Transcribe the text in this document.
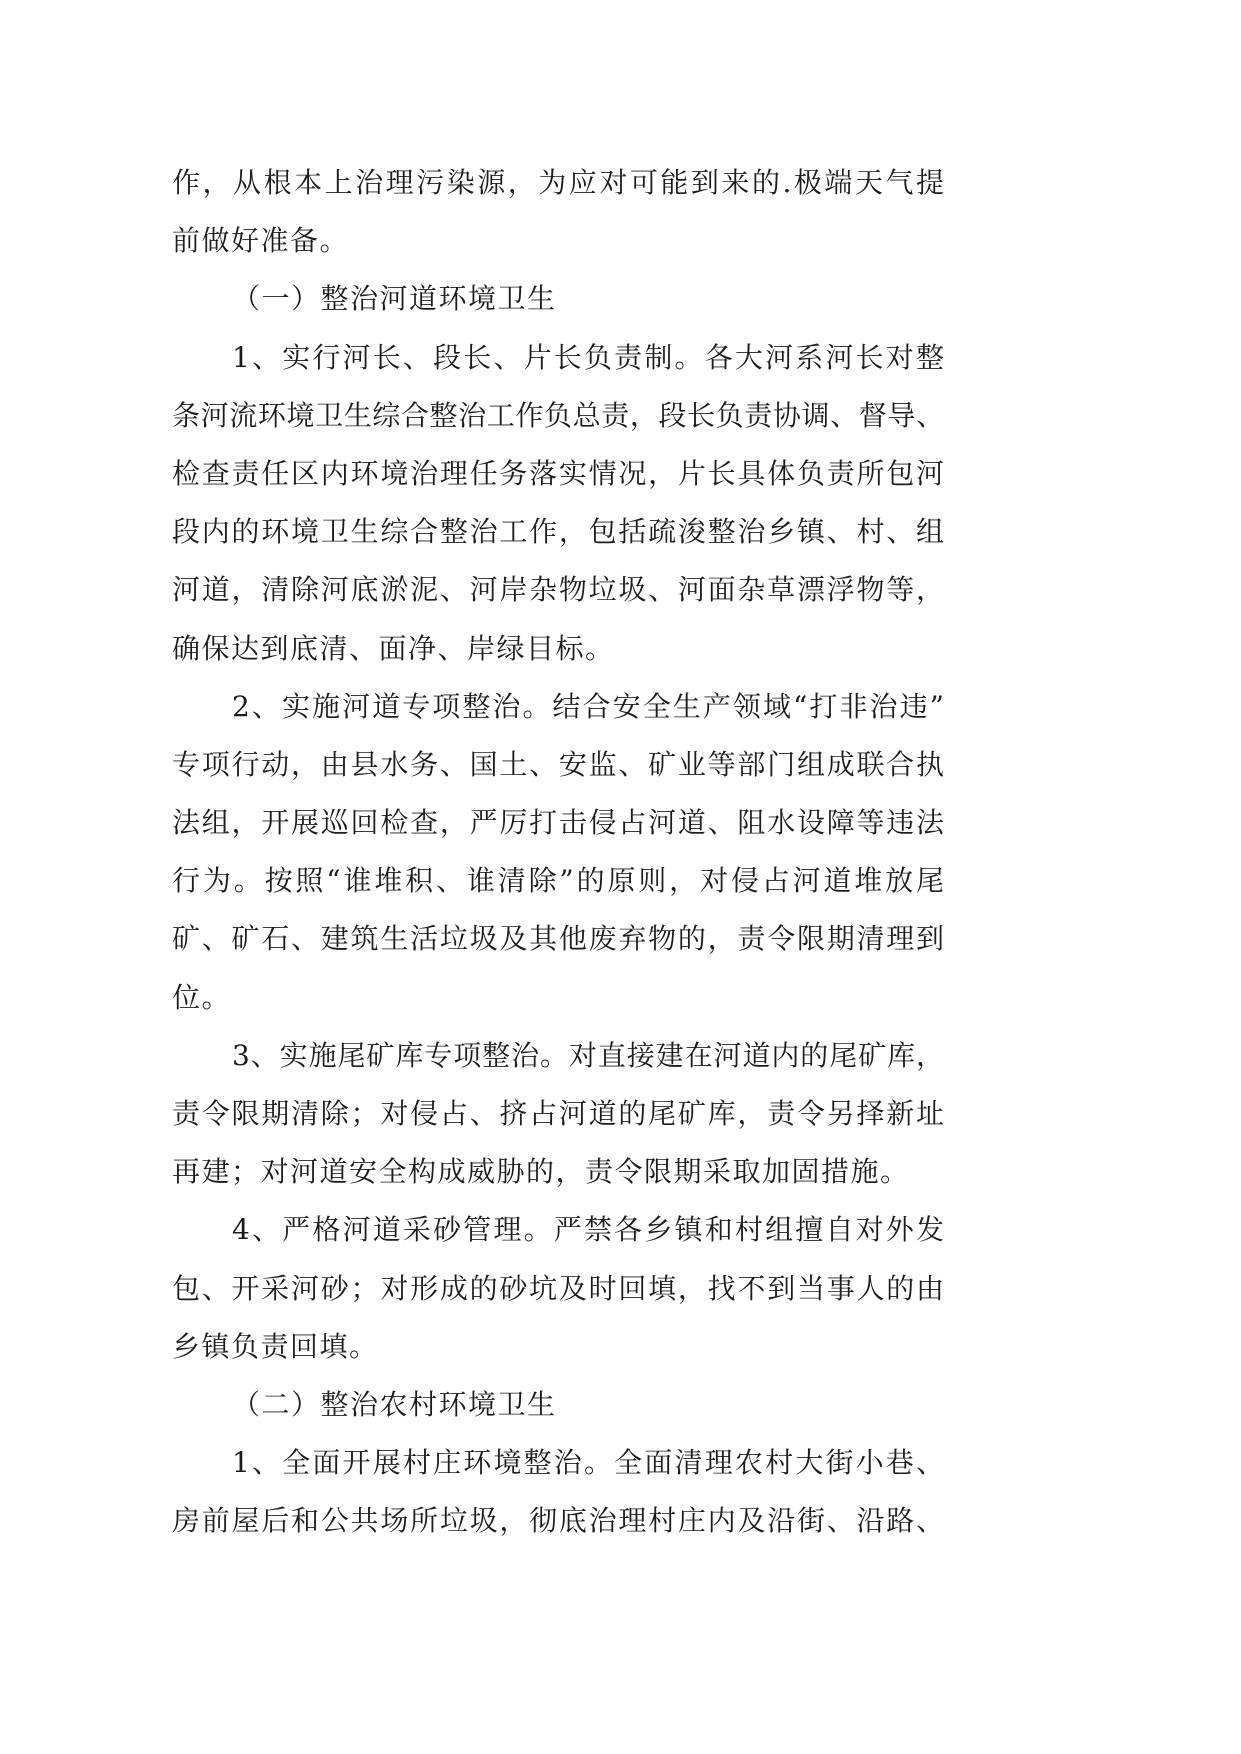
作，从根本上治理污染源，为应对可能到来的.极端天气提
前做好准备。
（一）整治河道环境卫生
1、实行河长、段长、片长负责制。各大河系河长对整
条河流环境卫生综合整治工作负总责，段长负责协调、督导、
检查责任区内环境治理任务落实情况，片长具体负责所包河
段内的环境卫生综合整治工作，包括疏浚整治乡镇、村、组
河道，清除河底淤泥、河岸杂物垃圾、河面杂草漂浮物等，
确保达到底清、面净、岸绿目标。
2、实施河道专项整治。结合安全生产领域“打非治违”
专项行动，由县水务、国土、安监、矿业等部门组成联合执
法组，开展巡回检查，严厉打击侵占河道、阻水设障等违法
行为。按照“谁堆积、谁清除”的原则，对侵占河道堆放尾
矿、矿石、建筑生活垃圾及其他废弃物的，责令限期清理到
位。
3、实施尾矿库专项整治。对直接建在河道内的尾矿库，
责令限期清除；对侵占、挤占河道的尾矿库，责令另择新址
再建；对河道安全构成威胁的，责令限期采取加固措施。
4、严格河道采砂管理。严禁各乡镇和村组擅自对外发
包、开采河砂；对形成的砂坑及时回填，找不到当事人的由
乡镇负责回填。
（二）整治农村环境卫生
1、全面开展村庄环境整治。全面清理农村大街小巷、
房前屋后和公共场所垃圾，彻底治理村庄内及沿街、沿路、
